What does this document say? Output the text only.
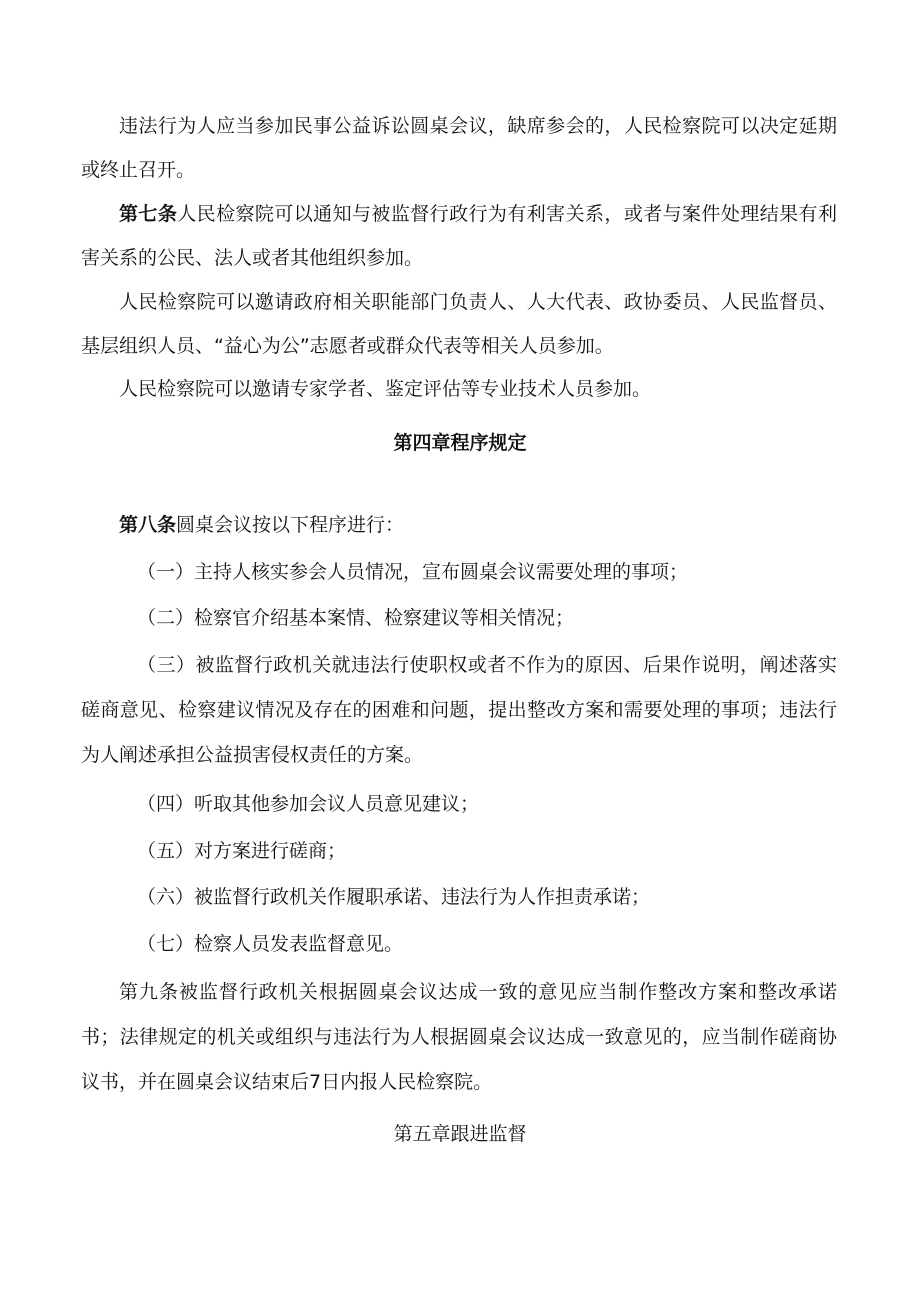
违法行为人应当参加民事公益诉讼圆桌会议，缺席参会的，人民检察院可以决定延期或终止召开。

第七条人民检察院可以通知与被监督行政行为有利害关系，或者与案件处理结果有利害关系的公民、法人或者其他组织参加。

人民检察院可以邀请政府相关职能部门负责人、人大代表、政协委员、人民监督员、基层组织人员、“益心为公”志愿者或群众代表等相关人员参加。

人民检察院可以邀请专家学者、鉴定评估等专业技术人员参加。

第四章程序规定

第八条圆桌会议按以下程序进行：

（一）主持人核实参会人员情况，宣布圆桌会议需要处理的事项；

（二）检察官介绍基本案情、检察建议等相关情况；

（三）被监督行政机关就违法行使职权或者不作为的原因、后果作说明，阐述落实磋商意见、检察建议情况及存在的困难和问题，提出整改方案和需要处理的事项；违法行为人阐述承担公益损害侵权责任的方案。

（四）听取其他参加会议人员意见建议；

（五）对方案进行磋商；

（六）被监督行政机关作履职承诺、违法行为人作担责承诺；

（七）检察人员发表监督意见。

第九条被监督行政机关根据圆桌会议达成一致的意见应当制作整改方案和整改承诺书；法律规定的机关或组织与违法行为人根据圆桌会议达成一致意见的，应当制作磋商协议书，并在圆桌会议结束后7日内报人民检察院。

第五章跟进监督
